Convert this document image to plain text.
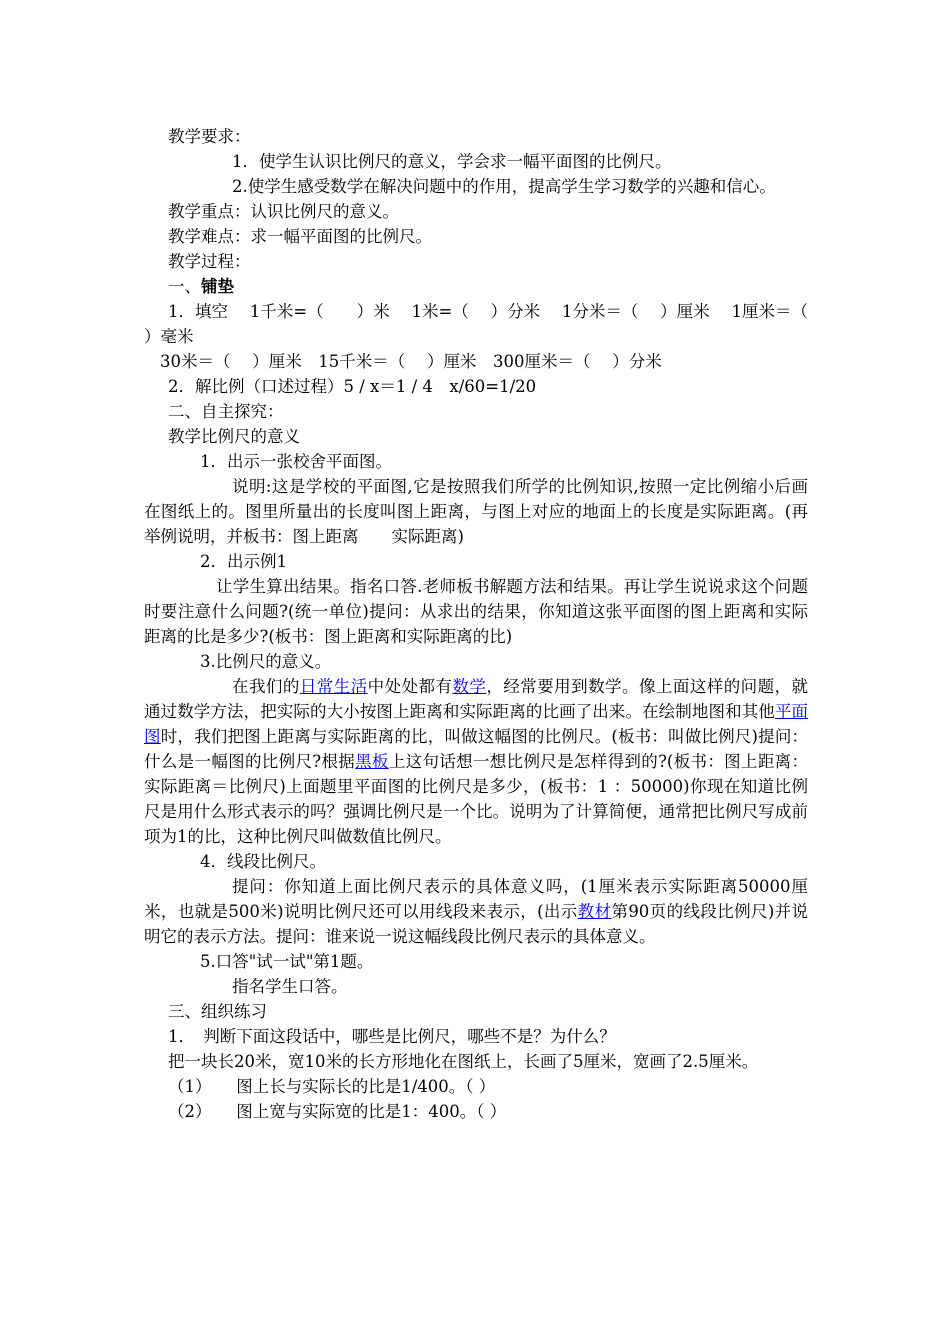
教学要求：

1．使学生认识比例尺的意义，学会求一幅平面图的比例尺。

2.使学生感受数学在解决问题中的作用，提高学生学习数学的兴趣和信心。

教学重点：认识比例尺的意义。

教学难点：求一幅平面图的比例尺。

教学过程：

一、铺垫

1．填空　 1千米=（　　）米　 1米=（　 ）分米　 1分米＝（　 ）厘米　 1厘米＝（　　 ）毫米

30米＝（　 ）厘米　15千米＝（　 ）厘米　300厘米＝（　 ）分米

2．解比例（口述过程）5 / x＝1 / 4　x/60=1/20

二、自主探究：

教学比例尺的意义

1．出示一张校舍平面图。

说明:这是学校的平面图,它是按照我们所学的比例知识,按照一定比例缩小后画在图纸上的。图里所量出的长度叫图上距离，与图上对应的地面上的长度是实际距离。(再举例说明，并板书：图上距离　　实际距离)

2．出示例1

让学生算出结果。指名口答.老师板书解题方法和结果。再让学生说说求这个问题时要注意什么问题?(统一单位)提问：从求出的结果，你知道这张平面图的图上距离和实际距离的比是多少?(板书：图上距离和实际距离的比)

3.比例尺的意义。

在我们的日常生活中处处都有数学，经常要用到数学。像上面这样的问题，就通过数学方法，把实际的大小按图上距离和实际距离的比画了出来。在绘制地图和其他平面图时，我们把图上距离与实际距离的比，叫做这幅图的比例尺。(板书：叫做比例尺)提问：什么是一幅图的比例尺?根据黑板上这句话想一想比例尺是怎样得到的?(板书：图上距离：实际距离＝比例尺)上面题里平面图的比例尺是多少，(板书：1 ：50000)你现在知道比例尺是用什么形式表示的吗？强调比例尺是一个比。说明为了计算简便，通常把比例尺写成前项为1的比，这种比例尺叫做数值比例尺。

4．线段比例尺。

提问：你知道上面比例尺表示的具体意义吗，(1厘米表示实际距离50000厘米，也就是500米)说明比例尺还可以用线段来表示，(出示教材第90页的线段比例尺)并说明它的表示方法。提问：谁来说一说这幅线段比例尺表示的具体意义。

5.口答"试一试"第1题。

指名学生口答。

三、组织练习

1．　判断下面这段话中，哪些是比例尺，哪些不是？为什么？

把一块长20米，宽10米的长方形地化在图纸上，长画了5厘米，宽画了2.5厘米。

（1）　　图上长与实际长的比是1/400。（ ）

（2）　　图上宽与实际宽的比是1：400。（ ）
